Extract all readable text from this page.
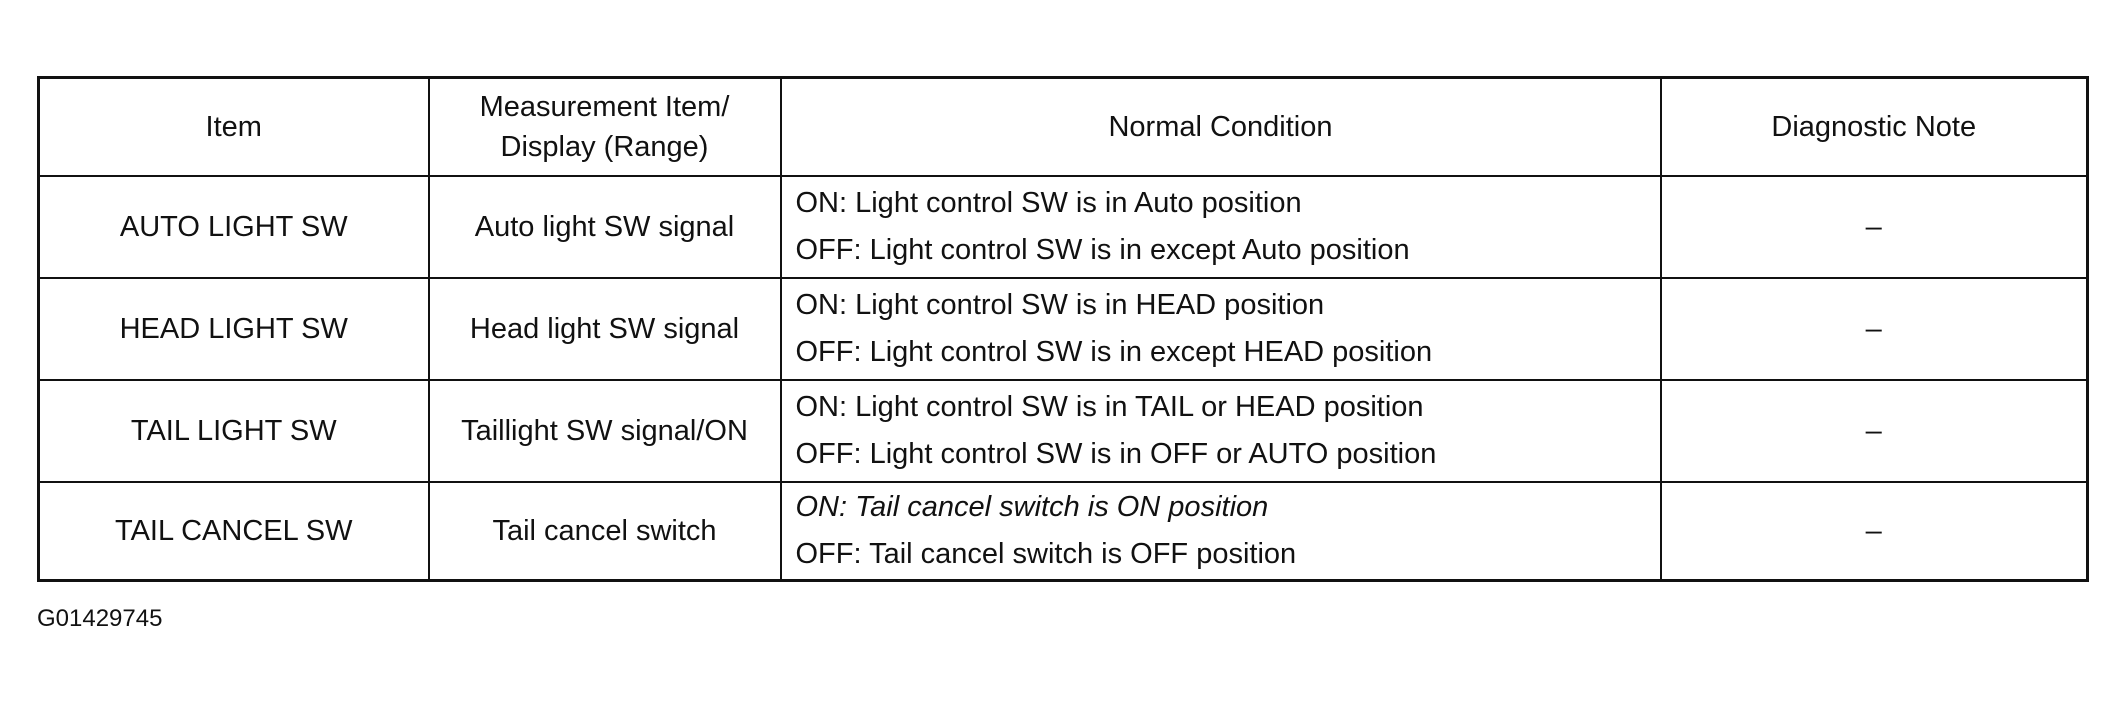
Item	Measurement Item/
Display (Range)	Normal Condition	Diagnostic Note
AUTO LIGHT SW	Auto light SW signal	ON: Light control SW is in Auto position
OFF: Light control SW is in except Auto position	–
HEAD LIGHT SW	Head light SW signal	ON: Light control SW is in HEAD position
OFF: Light control SW is in except HEAD position	–
TAIL LIGHT SW	Taillight SW signal/ON	ON: Light control SW is in TAIL or HEAD position
OFF: Light control SW is in OFF or AUTO position	–
TAIL CANCEL SW	Tail cancel switch	ON: Tail cancel switch is ON position
OFF: Tail cancel switch is OFF position	–
G01429745
